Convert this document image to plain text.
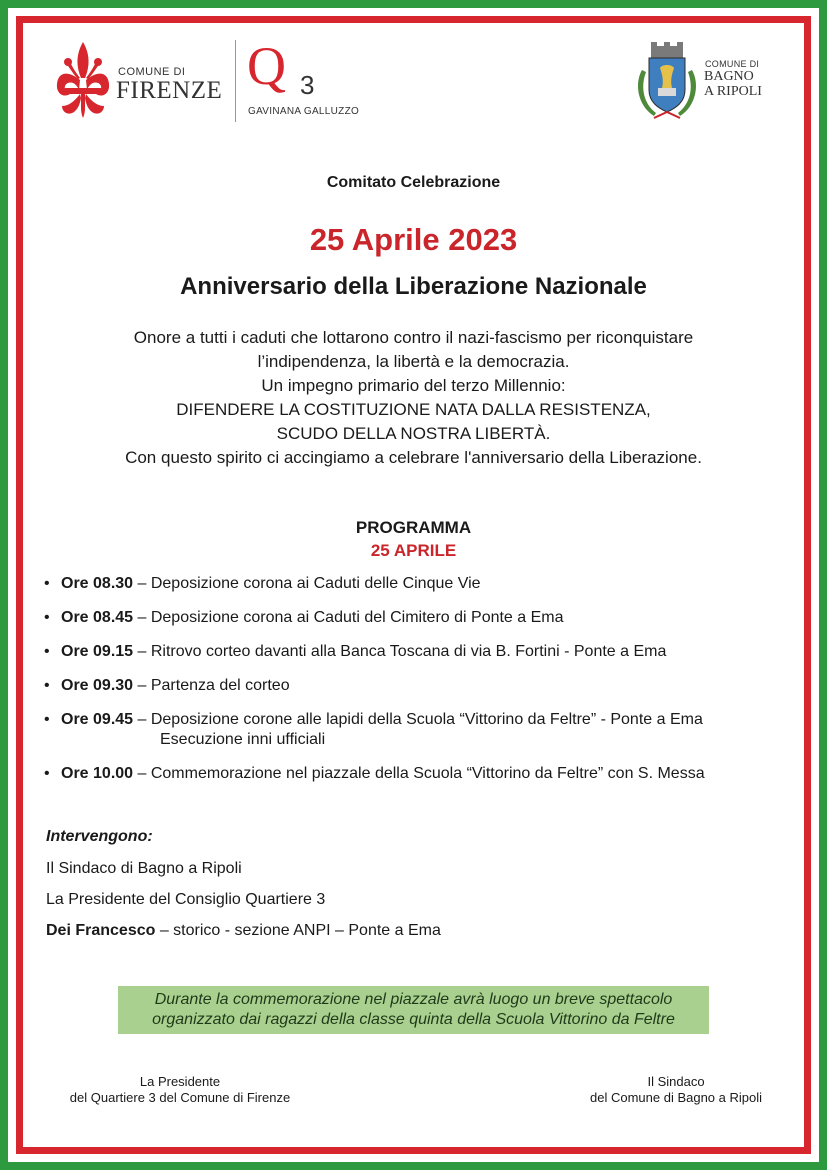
COMUNE DI
FIRENZE Q 3
GAVINANA GALLUZZO
COMUNE DI
BAGNO
A RIPOLI
Comitato Celebrazione
25 Aprile 2023
Anniversario della Liberazione Nazionale
Onore a tutti i caduti che lottarono contro il nazi-fascismo per riconquistare
l’indipendenza, la libertà e la democrazia.
Un impegno primario del terzo Millennio:
DIFENDERE LA COSTITUZIONE NATA DALLA RESISTENZA,
SCUDO DELLA NOSTRA LIBERTÀ.
Con questo spirito ci accingiamo a celebrare l'anniversario della Liberazione.
PROGRAMMA
25 APRILE
• Ore 08.30 – Deposizione corona ai Caduti delle Cinque Vie
• Ore 08.45 – Deposizione corona ai Caduti del Cimitero di Ponte a Ema
• Ore 09.15 – Ritrovo corteo davanti alla Banca Toscana di via B. Fortini - Ponte a Ema
• Ore 09.30 – Partenza del corteo
• Ore 09.45 – Deposizione corone alle lapidi della Scuola “Vittorino da Feltre” - Ponte a Ema
Esecuzione inni ufficiali
• Ore 10.00 – Commemorazione nel piazzale della Scuola “Vittorino da Feltre” con S. Messa
Intervengono:
Il Sindaco di Bagno a Ripoli
La Presidente del Consiglio Quartiere 3
Dei Francesco – storico - sezione ANPI – Ponte a Ema
Durante la commemorazione nel piazzale avrà luogo un breve spettacolo
organizzato dai ragazzi della classe quinta della Scuola Vittorino da Feltre
La Presidente
del Quartiere 3 del Comune di Firenze
Il Sindaco
del Comune di Bagno a Ripoli
